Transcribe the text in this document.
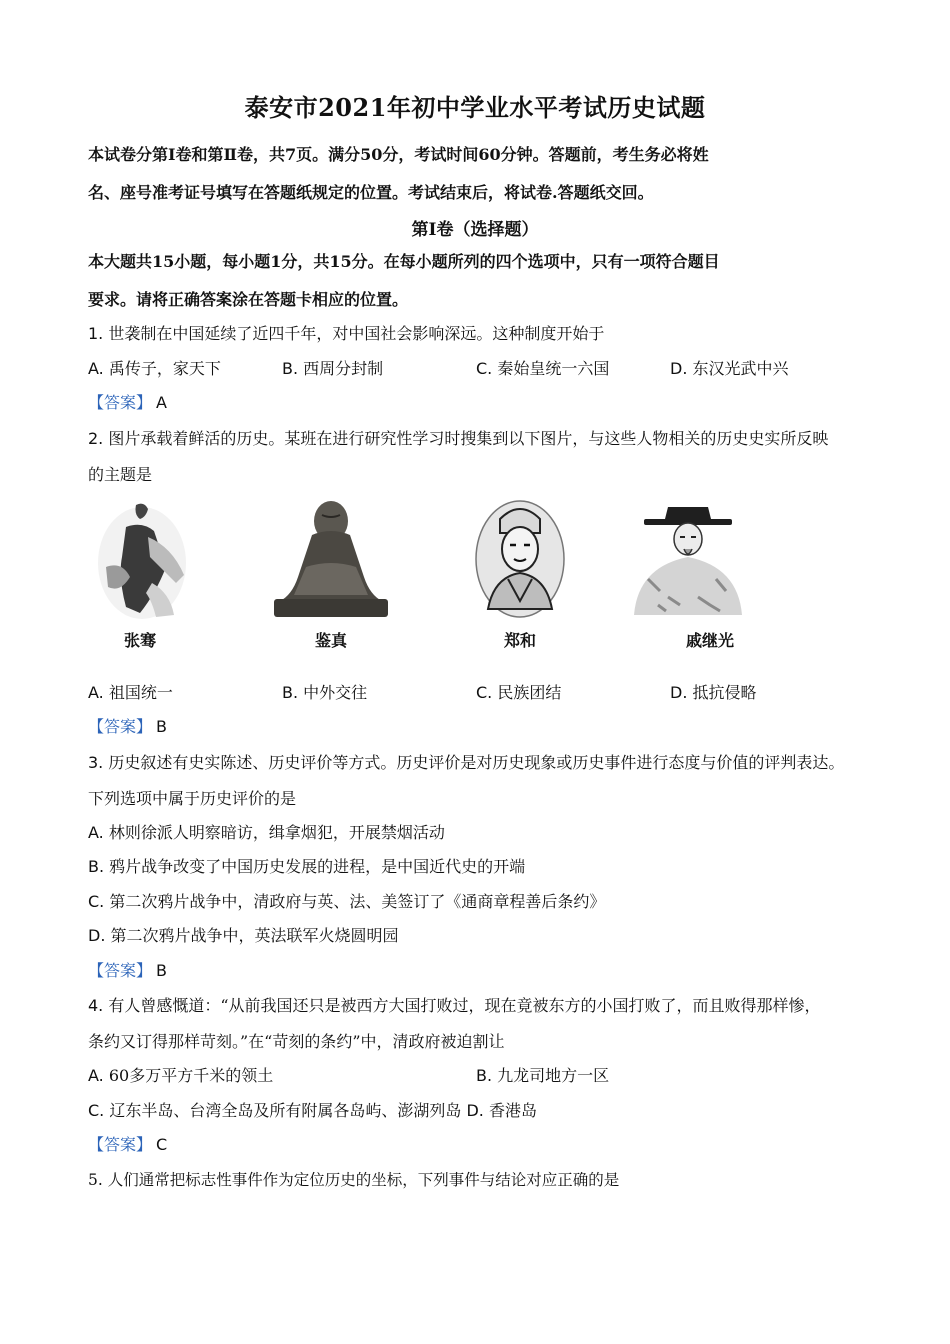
泰安市2021年初中学业水平考试历史试题
本试卷分第Ⅰ卷和第Ⅱ卷，共7页。满分50分，考试时间60分钟。答题前，考生务必将姓
名、座号准考证号填写在答题纸规定的位置。考试结束后，将试卷.答题纸交回。
第Ⅰ卷（选择题）
本大题共15小题，每小题1分，共15分。在每小题所列的四个选项中，只有一项符合题目
要求。请将正确答案涂在答题卡相应的位置。
1. 世袭制在中国延续了近四千年，对中国社会影响深远。这种制度开始于
A. 禹传子，家天下	B. 西周分封制	C. 秦始皇统一六国	D. 东汉光武中兴
【答案】 A
2. 图片承载着鲜活的历史。某班在进行研究性学习时搜集到以下图片，与这些人物相关的历史史实所反映
的主题是
张骞	鉴真	郑和	戚继光
A. 祖国统一	B. 中外交往	C. 民族团结	D. 抵抗侵略
【答案】 B
3. 历史叙述有史实陈述、历史评价等方式。历史评价是对历史现象或历史事件进行态度与价值的评判表达。
下列选项中属于历史评价的是
A. 林则徐派人明察暗访，缉拿烟犯，开展禁烟活动
B. 鸦片战争改变了中国历史发展的进程，是中国近代史的开端
C. 第二次鸦片战争中，清政府与英、法、美签订了《通商章程善后条约》
D. 第二次鸦片战争中，英法联军火烧圆明园
【答案】 B
4. 有人曾感慨道：“从前我国还只是被西方大国打败过，现在竟被东方的小国打败了，而且败得那样惨，
条约又订得那样苛刻。”在“苛刻的条约”中，清政府被迫割让
A. 60多万平方千米的领土	B. 九龙司地方一区
C. 辽东半岛、台湾全岛及所有附属各岛屿、澎湖列岛 D. 香港岛
【答案】 C
5. 人们通常把标志性事件作为定位历史的坐标，下列事件与结论对应正确的是
